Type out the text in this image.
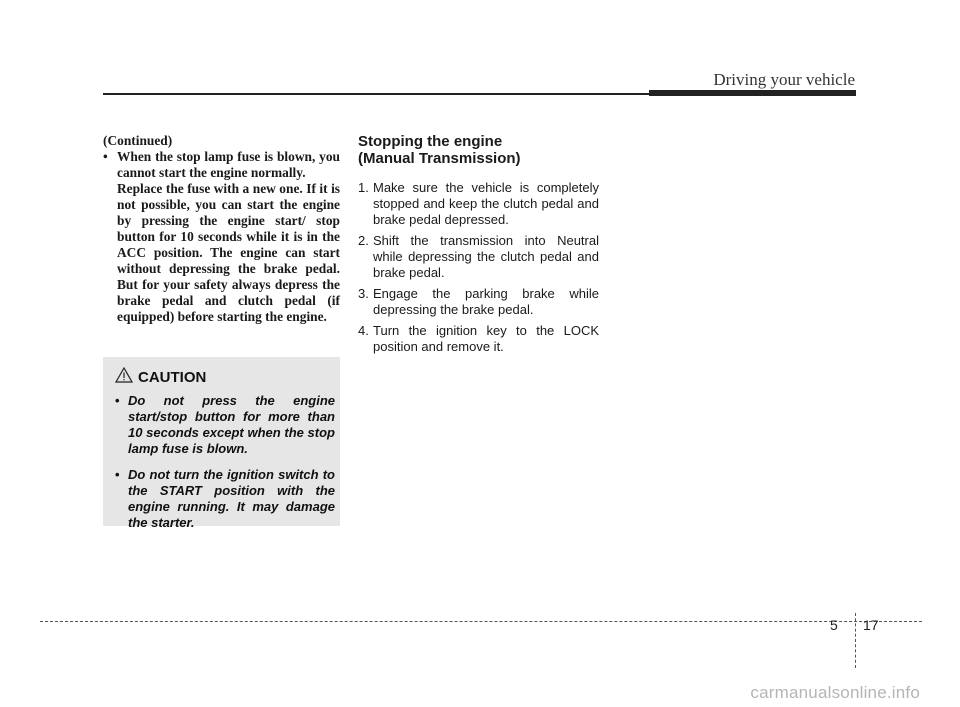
Driving your vehicle

(Continued)

• When the stop lamp fuse is blown, you cannot start the engine normally.

Replace the fuse with a new one. If it is not possible, you can start the engine by pressing the engine start/ stop button for 10 seconds while it is in the ACC position. The engine can start without depressing the brake pedal. But for your safety always depress the brake pedal and clutch pedal (if equipped) before starting the engine.

CAUTION
• Do not press the engine start/stop button for more than 10 seconds except when the stop lamp fuse is blown.
• Do not turn the ignition switch to the START position with the engine running. It may damage the starter.
Stopping the engine
(Manual Transmission)
1. Make sure the vehicle is completely stopped and keep the clutch pedal and brake pedal depressed.
2. Shift the transmission into Neutral while depressing the clutch pedal and brake pedal.
3. Engage the parking brake while depressing the brake pedal.
4. Turn the ignition key to the LOCK position and remove it.
5 17
carmanualsonline.info
